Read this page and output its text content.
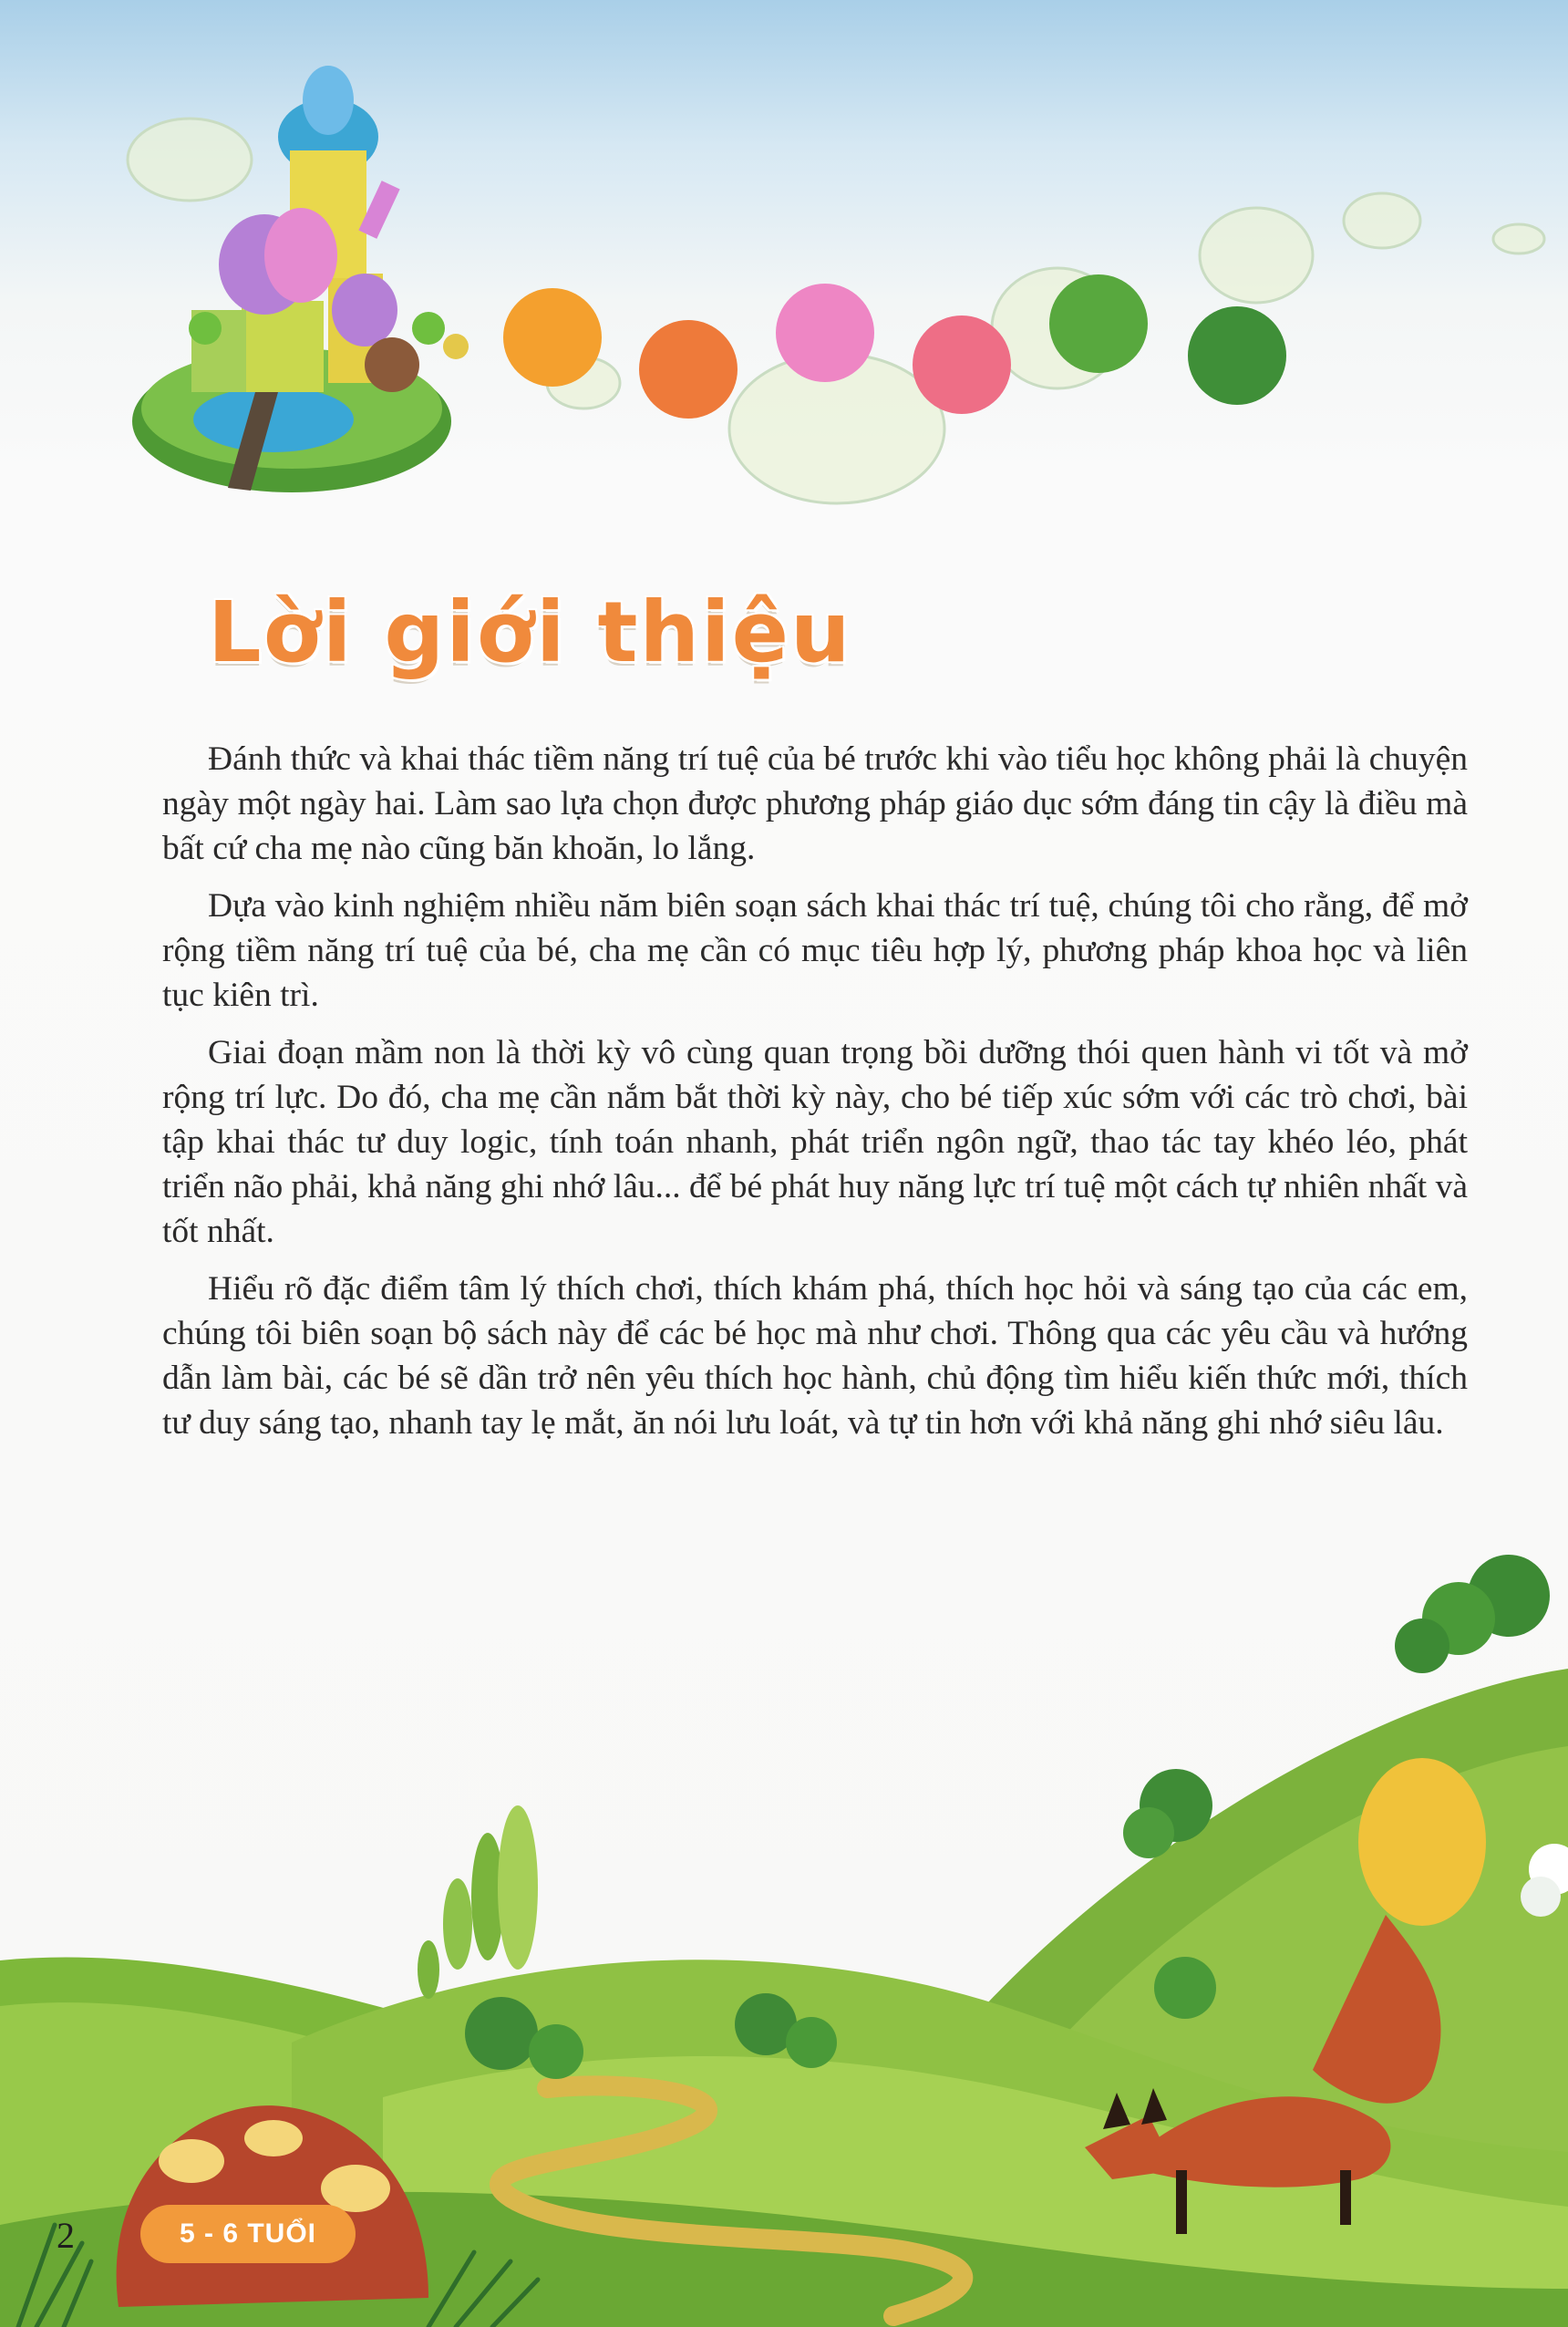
Lời giới thiệu

Đánh thức và khai thác tiềm năng trí tuệ của bé trước khi vào tiểu học không phải là chuyện ngày một ngày hai. Làm sao lựa chọn được phương pháp giáo dục sớm đáng tin cậy là điều mà bất cứ cha mẹ nào cũng băn khoăn, lo lắng.

Dựa vào kinh nghiệm nhiều năm biên soạn sách khai thác trí tuệ, chúng tôi cho rằng, để mở rộng tiềm năng trí tuệ của bé, cha mẹ cần có mục tiêu hợp lý, phương pháp khoa học và liên tục kiên trì.

Giai đoạn mầm non là thời kỳ vô cùng quan trọng bồi dưỡng thói quen hành vi tốt và mở rộng trí lực. Do đó, cha mẹ cần nắm bắt thời kỳ này, cho bé tiếp xúc sớm với các trò chơi, bài tập khai thác tư duy logic, tính toán nhanh, phát triển ngôn ngữ, thao tác tay khéo léo, phát triển não phải, khả năng ghi nhớ lâu... để bé phát huy năng lực trí tuệ một cách tự nhiên nhất và tốt nhất.

Hiểu rõ đặc điểm tâm lý thích chơi, thích khám phá, thích học hỏi và sáng tạo của các em, chúng tôi biên soạn bộ sách này để các bé học mà như chơi. Thông qua các yêu cầu và hướng dẫn làm bài, các bé sẽ dần trở nên yêu thích học hành, chủ động tìm hiểu kiến thức mới, thích tư duy sáng tạo, nhanh tay lẹ mắt, ăn nói lưu loát, và tự tin hơn với khả năng ghi nhớ siêu lâu.

2	5 - 6 TUỔI
